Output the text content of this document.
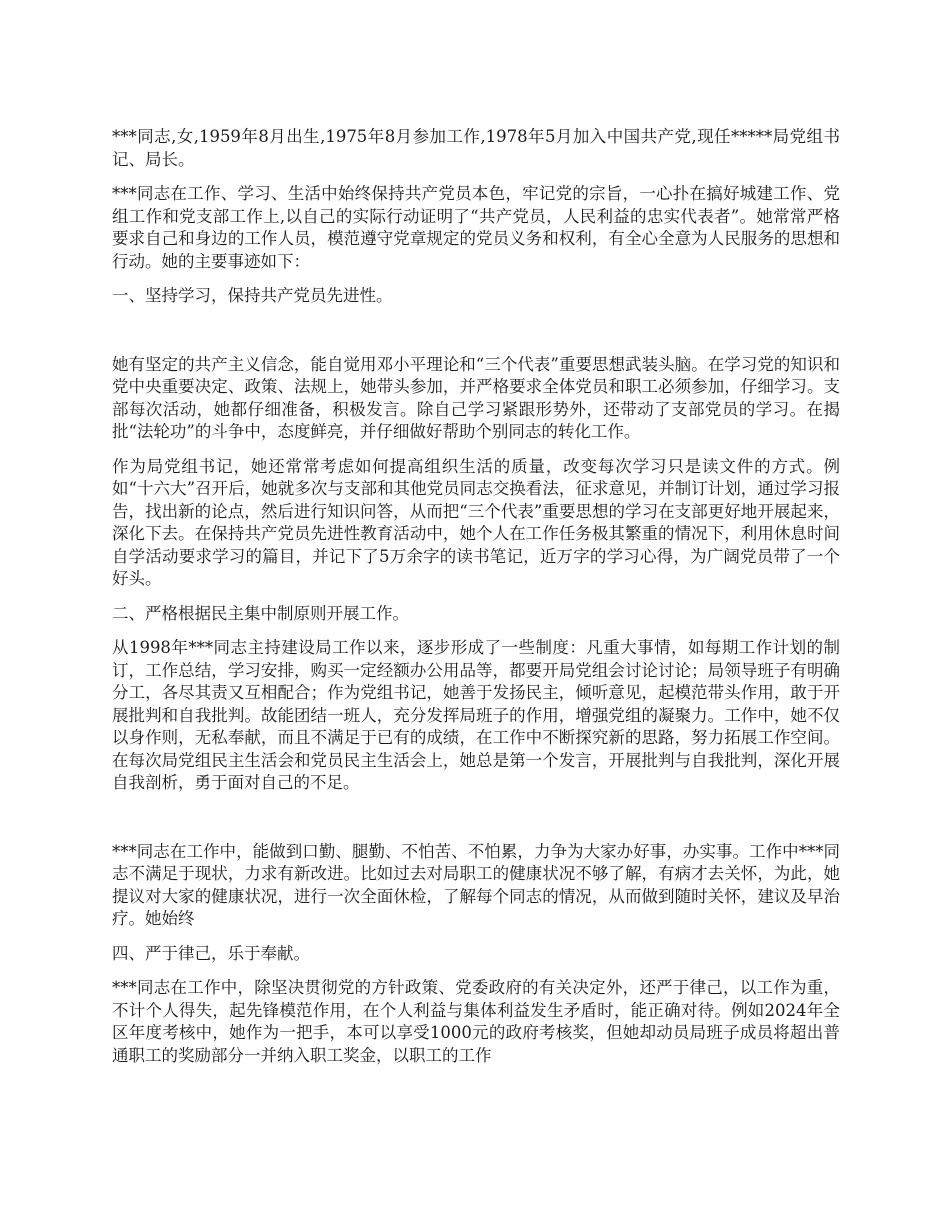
***同志,女,1959年8月出生,1975年8月参加工作,1978年5月加入中国共产党,现任*****局党组书记、局长。

***同志在工作、学习、生活中始终保持共产党员本色，牢记党的宗旨，一心扑在搞好城建工作、党组工作和党支部工作上,以自己的实际行动证明了“共产党员，人民利益的忠实代表者”。她常常严格要求自己和身边的工作人员，模范遵守党章规定的党员义务和权利，有全心全意为人民服务的思想和行动。她的主要事迹如下：

一、坚持学习，保持共产党员先进性。

她有坚定的共产主义信念，能自觉用邓小平理论和“三个代表”重要思想武装头脑。在学习党的知识和党中央重要决定、政策、法规上，她带头参加，并严格要求全体党员和职工必须参加，仔细学习。支部每次活动，她都仔细准备，积极发言。除自己学习紧跟形势外，还带动了支部党员的学习。在揭批“法轮功”的斗争中，态度鲜亮，并仔细做好帮助个别同志的转化工作。

作为局党组书记，她还常常考虑如何提高组织生活的质量，改变每次学习只是读文件的方式。例如“十六大”召开后，她就多次与支部和其他党员同志交换看法，征求意见，并制订计划，通过学习报告，找出新的论点，然后进行知识问答，从而把“三个代表”重要思想的学习在支部更好地开展起来，深化下去。在保持共产党员先进性教育活动中，她个人在工作任务极其繁重的情况下，利用休息时间自学活动要求学习的篇目，并记下了5万余字的读书笔记，近万字的学习心得，为广阔党员带了一个好头。

二、严格根据民主集中制原则开展工作。

从1998年***同志主持建设局工作以来，逐步形成了一些制度：凡重大事情，如每期工作计划的制订，工作总结，学习安排，购买一定经额办公用品等，都要开局党组会讨论讨论；局领导班子有明确分工，各尽其责又互相配合；作为党组书记，她善于发扬民主，倾听意见，起模范带头作用，敢于开展批判和自我批判。故能团结一班人，充分发挥局班子的作用，增强党组的凝聚力。工作中，她不仅以身作则，无私奉献，而且不满足于已有的成绩，在工作中不断探究新的思路，努力拓展工作空间。在每次局党组民主生活会和党员民主生活会上，她总是第一个发言，开展批判与自我批判，深化开展自我剖析，勇于面对自己的不足。

***同志在工作中，能做到口勤、腿勤、不怕苦、不怕累，力争为大家办好事，办实事。工作中***同志不满足于现状，力求有新改进。比如过去对局职工的健康状况不够了解，有病才去关怀，为此，她提议对大家的健康状况，进行一次全面休检，了解每个同志的情况，从而做到随时关怀，建议及早治疗。她始终

四、严于律己，乐于奉献。

***同志在工作中，除坚决贯彻党的方针政策、党委政府的有关决定外，还严于律己，以工作为重，不计个人得失，起先锋模范作用，在个人利益与集体利益发生矛盾时，能正确对待。例如2024年全区年度考核中，她作为一把手，本可以享受1000元的政府考核奖，但她却动员局班子成员将超出普通职工的奖励部分一并纳入职工奖金，以职工的工作
